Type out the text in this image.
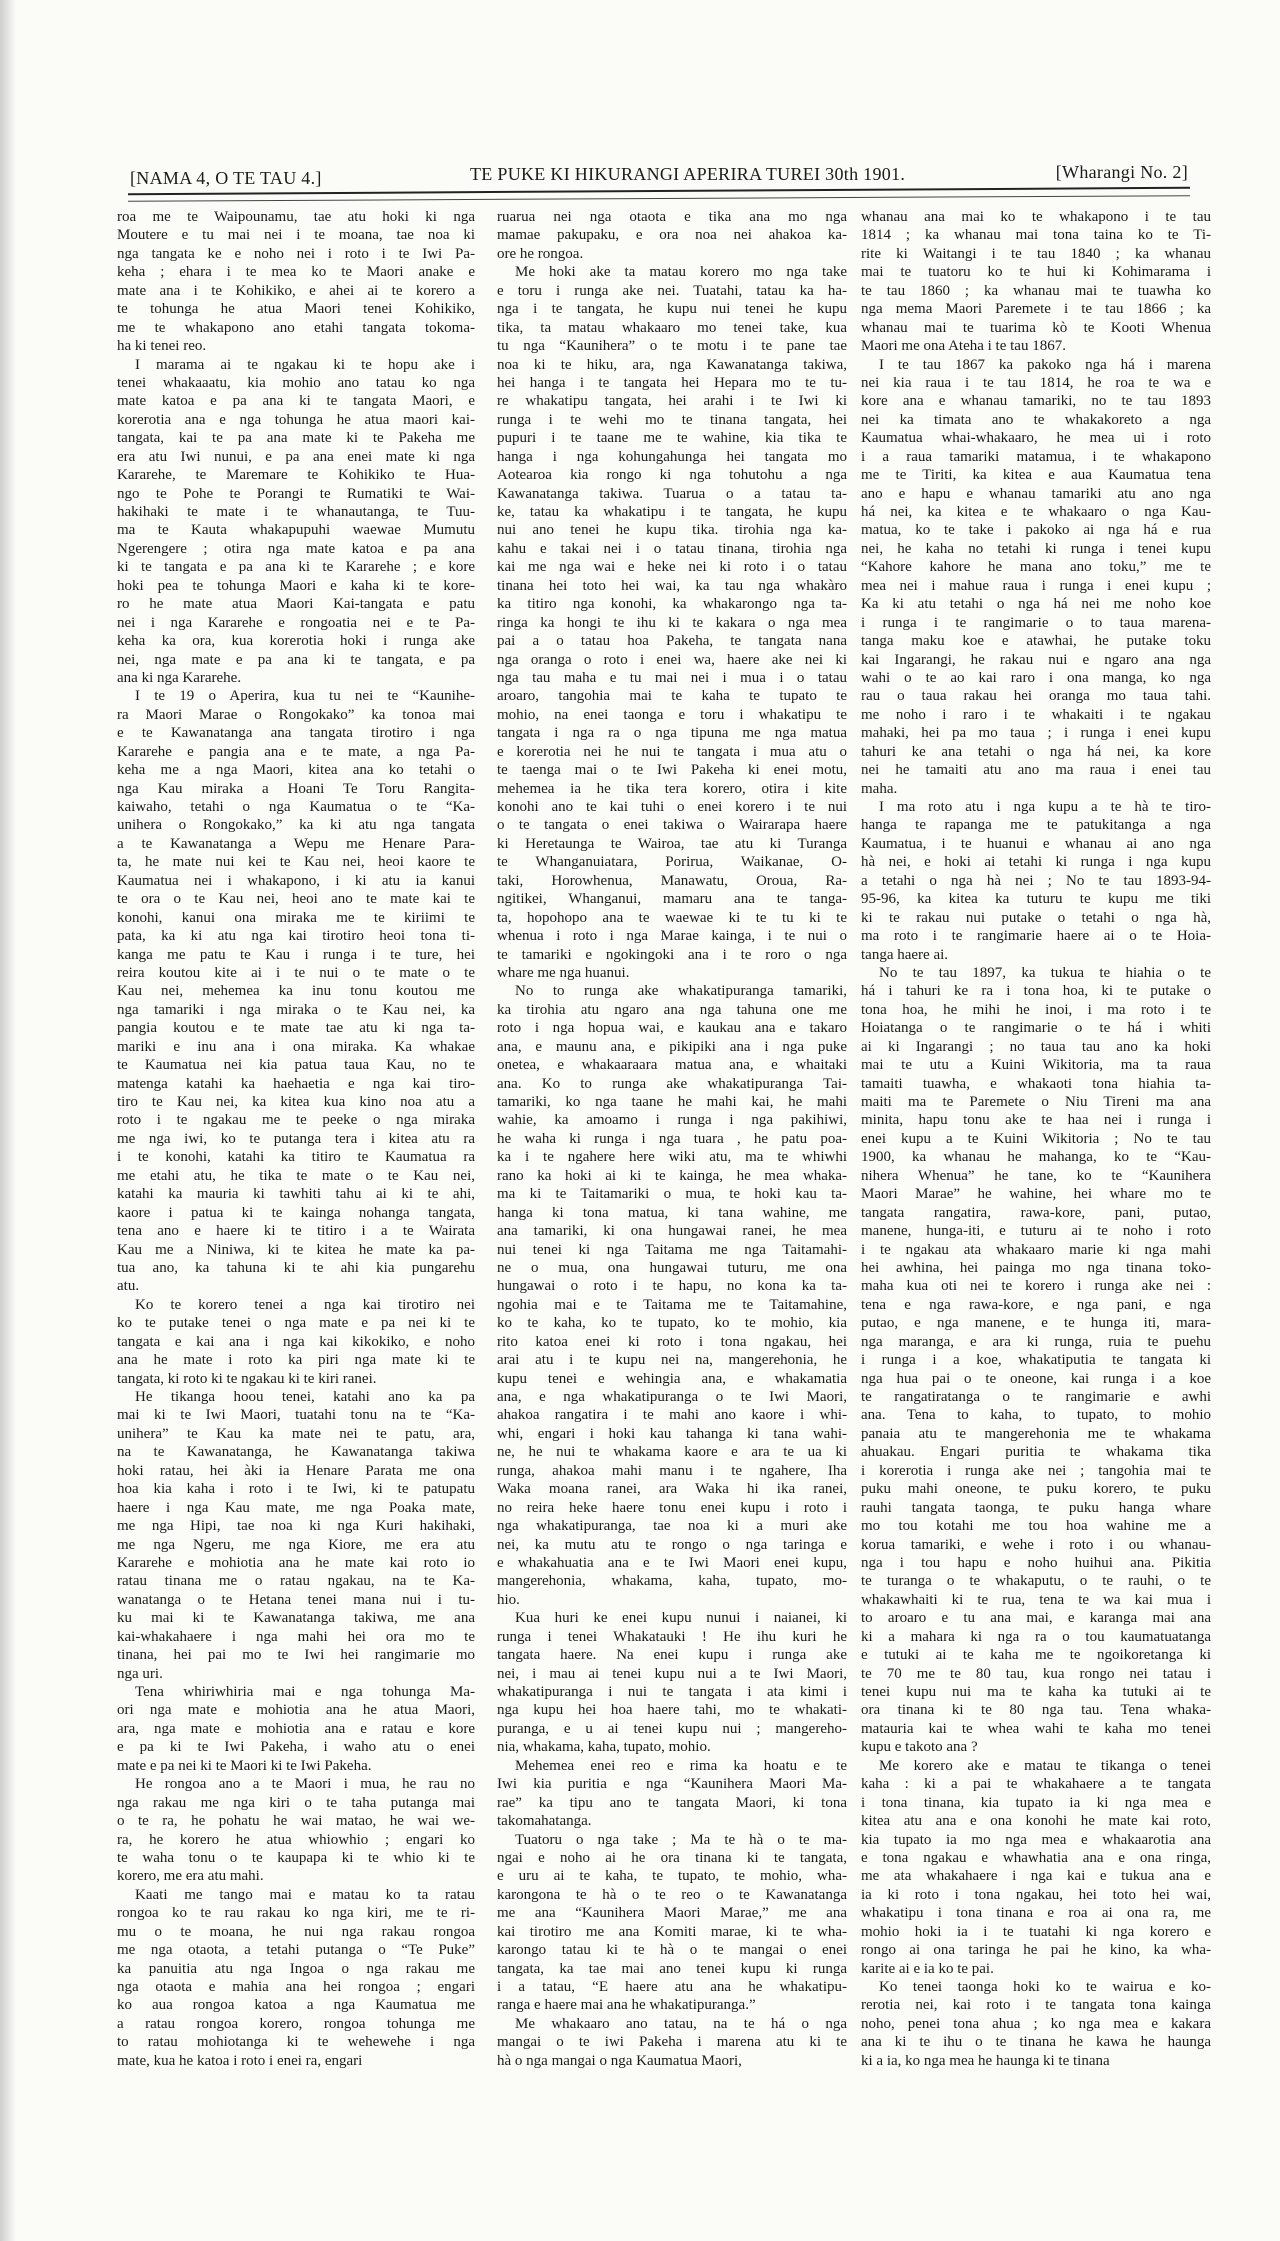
[NAMA 4, O TE TAU 4.]	TE PUKE KI HIKURANGI APERIRA TUREI 30th 1901.	[Wharangi No. 2]
roa me te Waipounamu, tae atu hoki ki nga
Moutere e tu mai nei i te moana, tae noa ki
nga tangata ke e noho nei i roto i te Iwi Pa-
keha ; ehara i te mea ko te Maori anake e
mate ana i te Kohikiko, e ahei ai te korero a
te tohunga he atua Maori tenei Kohikiko,
me te whakapono ano etahi tangata tokoma-
ha ki tenei reo.
I marama ai te ngakau ki te hopu ake i
tenei whakaaatu, kia mohio ano tatau ko nga
mate katoa e pa ana ki te tangata Maori, e
korerotia ana e nga tohunga he atua maori kai-
tangata, kai te pa ana mate ki te Pakeha me
era atu Iwi nunui, e pa ana enei mate ki nga
Kararehe, te Maremare te Kohikiko te Hua-
ngo te Pohe te Porangi te Rumatiki te Wai-
hakihaki te mate i te whanautanga, te Tuu-
ma te Kauta whakapupuhi waewae Mumutu
Ngerengere ; otira nga mate katoa e pa ana
ki te tangata e pa ana ki te Kararehe ; e kore
hoki pea te tohunga Maori e kaha ki te kore-
ro he mate atua Maori Kai-tangata e patu
nei i nga Kararehe e rongoatia nei e te Pa-
keha ka ora, kua korerotia hoki i runga ake
nei, nga mate e pa ana ki te tangata, e pa
ana ki nga Kararehe.
I te 19 o Aperira, kua tu nei te “Kaunihe-
ra Maori Marae o Rongokako” ka tonoa mai
e te Kawanatanga ana tangata tirotiro i nga
Kararehe e pangia ana e te mate, a nga Pa-
keha me a nga Maori, kitea ana ko tetahi o
nga Kau miraka a Hoani Te Toru Rangita-
kaiwaho, tetahi o nga Kaumatua o te “Ka-
unihera o Rongokako,” ka ki atu nga tangata
a te Kawanatanga a Wepu me Henare Para-
ta, he mate nui kei te Kau nei, heoi kaore te
Kaumatua nei i whakapono, i ki atu ia kanui
te ora o te Kau nei, heoi ano te mate kai te
konohi, kanui ona miraka me te kiriimi te
pata, ka ki atu nga kai tirotiro heoi tona ti-
kanga me patu te Kau i runga i te ture, hei
reira koutou kite ai i te nui o te mate o te
Kau nei, mehemea ka inu tonu koutou me
nga tamariki i nga miraka o te Kau nei, ka
pangia koutou e te mate tae atu ki nga ta-
mariki e inu ana i ona miraka. Ka whakae
te Kaumatua nei kia patua taua Kau, no te
matenga katahi ka haehaetia e nga kai tiro-
tiro te Kau nei, ka kitea kua kino noa atu a
roto i te ngakau me te peeke o nga miraka
me nga iwi, ko te putanga tera i kitea atu ra
i te konohi, katahi ka titiro te Kaumatua ra
me etahi atu, he tika te mate o te Kau nei,
katahi ka mauria ki tawhiti tahu ai ki te ahi,
kaore i patua ki te kainga nohanga tangata,
tena ano e haere ki te titiro i a te Wairata
Kau me a Niniwa, ki te kitea he mate ka pa-
tua ano, ka tahuna ki te ahi kia pungarehu
atu.
Ko te korero tenei a nga kai tirotiro nei
ko te putake tenei o nga mate e pa nei ki te
tangata e kai ana i nga kai kikokiko, e noho
ana he mate i roto ka piri nga mate ki te
tangata, ki roto ki te ngakau ki te kiri ranei.
He tikanga hoou tenei, katahi ano ka pa
mai ki te Iwi Maori, tuatahi tonu na te “Ka-
unihera” te Kau ka mate nei te patu, ara,
na te Kawanatanga, he Kawanatanga takiwa
hoki ratau, hei àki ia Henare Parata me ona
hoa kia kaha i roto i te Iwi, ki te patupatu
haere i nga Kau mate, me nga Poaka mate,
me nga Hipi, tae noa ki nga Kuri hakihaki,
me nga Ngeru, me nga Kiore, me era atu
Kararehe e mohiotia ana he mate kai roto io
ratau tinana me o ratau ngakau, na te Ka-
wanatanga o te Hetana tenei mana nui i tu-
ku mai ki te Kawanatanga takiwa, me ana
kai-whakahaere i nga mahi hei ora mo te
tinana, hei pai mo te Iwi hei rangimarie mo
nga uri.
Tena whiriwhiria mai e nga tohunga Ma-
ori nga mate e mohiotia ana he atua Maori,
ara, nga mate e mohiotia ana e ratau e kore
e pa ki te Iwi Pakeha, i waho atu o enei
mate e pa nei ki te Maori ki te Iwi Pakeha.
He rongoa ano a te Maori i mua, he rau no
nga rakau me nga kiri o te taha putanga mai
o te ra, he pohatu he wai matao, he wai we-
ra, he korero he atua whiowhio ; engari ko
te waha tonu o te kaupapa ki te whio ki te
korero, me era atu mahi.
Kaati me tango mai e matau ko ta ratau
rongoa ko te rau rakau ko nga kiri, me te ri-
mu o te moana, he nui nga rakau rongoa
me nga otaota, a tetahi putanga o “Te Puke”
ka panuitia atu nga Ingoa o nga rakau me
nga otaota e mahia ana hei rongoa ; engari
ko aua rongoa katoa a nga Kaumatua me
a ratau rongoa korero, rongoa tohunga me
to ratau mohiotanga ki te wehewehe i nga
mate, kua he katoa i roto i enei ra, engari
ruarua nei nga otaota e tika ana mo nga
mamae pakupaku, e ora noa nei ahakoa ka-
ore he rongoa.
Me hoki ake ta matau korero mo nga take
e toru i runga ake nei. Tuatahi, tatau ka ha-
nga i te tangata, he kupu nui tenei he kupu
tika, ta matau whakaaro mo tenei take, kua
tu nga “Kaunihera” o te motu i te pane tae
noa ki te hiku, ara, nga Kawanatanga takiwa,
hei hanga i te tangata hei Hepara mo te tu-
re whakatipu tangata, hei arahi i te Iwi ki
runga i te wehi mo te tinana tangata, hei
pupuri i te taane me te wahine, kia tika te
hanga i nga kohungahunga hei tangata mo
Aotearoa kia rongo ki nga tohutohu a nga
Kawanatanga takiwa. Tuarua o a tatau ta-
ke, tatau ka whakatipu i te tangata, he kupu
nui ano tenei he kupu tika. tirohia nga ka-
kahu e takai nei i o tatau tinana, tirohia nga
kai me nga wai e heke nei ki roto i o tatau
tinana hei toto hei wai, ka tau nga whakàro
ka titiro nga konohi, ka whakarongo nga ta-
ringa ka hongi te ihu ki te kakara o nga mea
pai a o tatau hoa Pakeha, te tangata nana
nga oranga o roto i enei wa, haere ake nei ki
nga tau maha e tu mai nei i mua i o tatau
aroaro, tangohia mai te kaha te tupato te
mohio, na enei taonga e toru i whakatipu te
tangata i nga ra o nga tipuna me nga matua
e korerotia nei he nui te tangata i mua atu o
te taenga mai o te Iwi Pakeha ki enei motu,
mehemea ia he tika tera korero, otira i kite
konohi ano te kai tuhi o enei korero i te nui
o te tangata o enei takiwa o Wairarapa haere
ki Heretaunga te Wairoa, tae atu ki Turanga
te Whanganuiatara, Porirua, Waikanae, O-
taki, Horowhenua, Manawatu, Oroua, Ra-
ngitikei, Whanganui, mamaru ana te tanga-
ta, hopohopo ana te waewae ki te tu ki te
whenua i roto i nga Marae kainga, i te nui o
te tamariki e ngokingoki ana i te roro o nga
whare me nga huanui.
No to runga ake whakatipuranga tamariki,
ka tirohia atu ngaro ana nga tahuna one me
roto i nga hopua wai, e kaukau ana e takaro
ana, e maunu ana, e pikipiki ana i nga puke
onetea, e whakaaraara matua ana, e whaitaki
ana. Ko to runga ake whakatipuranga Tai-
tamariki, ko nga taane he mahi kai, he mahi
wahie, ka amoamo i runga i nga pakihiwi,
he waha ki runga i nga tuara , he patu poa-
ka i te ngahere here wiki atu, ma te whiwhi
rano ka hoki ai ki te kainga, he mea whaka-
ma ki te Taitamariki o mua, te hoki kau ta-
hanga ki tona matua, ki tana wahine, me
ana tamariki, ki ona hungawai ranei, he mea
nui tenei ki nga Taitama me nga Taitamahi-
ne o mua, ona hungawai tuturu, me ona
hungawai o roto i te hapu, no kona ka ta-
ngohia mai e te Taitama me te Taitamahine,
ko te kaha, ko te tupato, ko te mohio, kia
rito katoa enei ki roto i tona ngakau, hei
arai atu i te kupu nei na, mangerehonia, he
kupu tenei e wehingia ana, e whakamatia
ana, e nga whakatipuranga o te Iwi Maori,
ahakoa rangatira i te mahi ano kaore i whi-
whi, engari i hoki kau tahanga ki tana wahi-
ne, he nui te whakama kaore e ara te ua ki
runga, ahakoa mahi manu i te ngahere, Iha
Waka moana ranei, ara Waka hi ika ranei,
no reira heke haere tonu enei kupu i roto i
nga whakatipuranga, tae noa ki a muri ake
nei, ka mutu atu te rongo o nga taringa e
e whakahuatia ana e te Iwi Maori enei kupu,
mangerehonia, whakama, kaha, tupato, mo-
hio.
Kua huri ke enei kupu nunui i naianei, ki
runga i tenei Whakatauki ! He ihu kuri he
tangata haere. Na enei kupu i runga ake
nei, i mau ai tenei kupu nui a te Iwi Maori,
whakatipuranga i nui te tangata i ata kimi i
nga kupu hei hoa haere tahi, mo te whakati-
puranga, e u ai tenei kupu nui ; mangereho-
nia, whakama, kaha, tupato, mohio.
Mehemea enei reo e rima ka hoatu e te
Iwi kia puritia e nga “Kaunihera Maori Ma-
rae” ka tipu ano te tangata Maori, ki tona
takomahatanga.
Tuatoru o nga take ; Ma te hà o te ma-
ngai e noho ai he ora tinana ki te tangata,
e uru ai te kaha, te tupato, te mohio, wha-
karongona te hà o te reo o te Kawanatanga
me ana “Kaunihera Maori Marae,” me ana
kai tirotiro me ana Komiti marae, ki te wha-
karongo tatau ki te hà o te mangai o enei
tangata, ka tae mai ano tenei kupu ki runga
i a tatau, “E haere atu ana he whakatipu-
ranga e haere mai ana he whakatipuranga.”
Me whakaaro ano tatau, na te há o nga
mangai o te iwi Pakeha i marena atu ki te
hà o nga mangai o nga Kaumatua Maori,
whanau ana mai ko te whakapono i te tau
1814 ; ka whanau mai tona taina ko te Ti-
rite ki Waitangi i te tau 1840 ; ka whanau
mai te tuatoru ko te hui ki Kohimarama i
te tau 1860 ; ka whanau mai te tuawha ko
nga mema Maori Paremete i te tau 1866 ; ka
whanau mai te tuarima kò te Kooti Whenua
Maori me ona Ateha i te tau 1867.
I te tau 1867 ka pakoko nga há i marena
nei kia raua i te tau 1814, he roa te wa e
kore ana e whanau tamariki, no te tau 1893
nei ka timata ano te whakakoreto a nga
Kaumatua whai-whakaaro, he mea ui i roto
i a raua tamariki matamua, i te whakapono
me te Tiriti, ka kitea e aua Kaumatua tena
ano e hapu e whanau tamariki atu ano nga
há nei, ka kitea e te whakaaro o nga Kau-
matua, ko te take i pakoko ai nga há e rua
nei, he kaha no tetahi ki runga i tenei kupu
“Kahore kahore he mana ano toku,” me te
mea nei i mahue raua i runga i enei kupu ;
Ka ki atu tetahi o nga há nei me noho koe
i runga i te rangimarie o to taua marena-
tanga maku koe e atawhai, he putake toku
kai Ingarangi, he rakau nui e ngaro ana nga
wahi o te ao kai raro i ona manga, ko nga
rau o taua rakau hei oranga mo taua tahi.
me noho i raro i te whakaiti i te ngakau
mahaki, hei pa mo taua ; i runga i enei kupu
tahuri ke ana tetahi o nga há nei, ka kore
nei he tamaiti atu ano ma raua i enei tau
maha.
I ma roto atu i nga kupu a te hà te tiro-
hanga te rapanga me te patukitanga a nga
Kaumatua, i te huanui e whanau ai ano nga
hà nei, e hoki ai tetahi ki runga i nga kupu
a tetahi o nga hà nei ; No te tau 1893-94-
95-96, ka kitea ka tuturu te kupu me tiki
ki te rakau nui putake o tetahi o nga hà,
ma roto i te rangimarie haere ai o te Hoia-
tanga haere ai.
No te tau 1897, ka tukua te hiahia o te
há i tahuri ke ra i tona hoa, ki te putake o
tona hoa, he mihi he inoi, i ma roto i te
Hoiatanga o te rangimarie o te há i whiti
ai ki Ingarangi ; no taua tau ano ka hoki
mai te utu a Kuini Wikitoria, ma ta raua
tamaiti tuawha, e whakaoti tona hiahia ta-
maiti ma te Paremete o Niu Tireni ma ana
minita, hapu tonu ake te haa nei i runga i
enei kupu a te Kuini Wikitoria ; No te tau
1900, ka whanau he mahanga, ko te “Kau-
nihera Whenua” he tane, ko te “Kaunihera
Maori Marae” he wahine, hei whare mo te
tangata rangatira, rawa-kore, pani, putao,
manene, hunga-iti, e tuturu ai te noho i roto
i te ngakau ata whakaaro marie ki nga mahi
hei awhina, hei painga mo nga tinana toko-
maha kua oti nei te korero i runga ake nei :
tena e nga rawa-kore, e nga pani, e nga
putao, e nga manene, e te hunga iti, mara-
nga maranga, e ara ki runga, ruia te puehu
i runga i a koe, whakatiputia te tangata ki
nga hua pai o te oneone, kai runga i a koe
te rangatiratanga o te rangimarie e awhi
ana. Tena to kaha, to tupato, to mohio
panaia atu te mangerehonia me te whakama
ahuakau. Engari puritia te whakama tika
i korerotia i runga ake nei ; tangohia mai te
puku mahi oneone, te puku korero, te puku
rauhi tangata taonga, te puku hanga whare
mo tou kotahi me tou hoa wahine me a
korua tamariki, e wehe i roto i ou whanau-
nga i tou hapu e noho huihui ana. Pikitia
te turanga o te whakaputu, o te rauhi, o te
whakawhaiti ki te rua, tena te wa kai mua i
to aroaro e tu ana mai, e karanga mai ana
ki a mahara ki nga ra o tou kaumatuatanga
e tutuki ai te kaha me te ngoikoretanga ki
te 70 me te 80 tau, kua rongo nei tatau i
tenei kupu nui ma te kaha ka tutuki ai te
ora tinana ki te 80 nga tau. Tena whaka-
matauria kai te whea wahi te kaha mo tenei
kupu e takoto ana ?
Me korero ake e matau te tikanga o tenei
kaha : ki a pai te whakahaere a te tangata
i tona tinana, kia tupato ia ki nga mea e
kitea atu ana e ona konohi he mate kai roto,
kia tupato ia mo nga mea e whakaarotia ana
e tona ngakau e whawhatia ana e ona ringa,
me ata whakahaere i nga kai e tukua ana e
ia ki roto i tona ngakau, hei toto hei wai,
whakatipu i tona tinana e roa ai ona ra, me
mohio hoki ia i te tuatahi ki nga korero e
rongo ai ona taringa he pai he kino, ka wha-
karite ai e ia ko te pai.
Ko tenei taonga hoki ko te wairua e ko-
rerotia nei, kai roto i te tangata tona kainga
noho, penei tona ahua ; ko nga mea e kakara
ana ki te ihu o te tinana he kawa he haunga
ki a ia, ko nga mea he haunga ki te tinana
